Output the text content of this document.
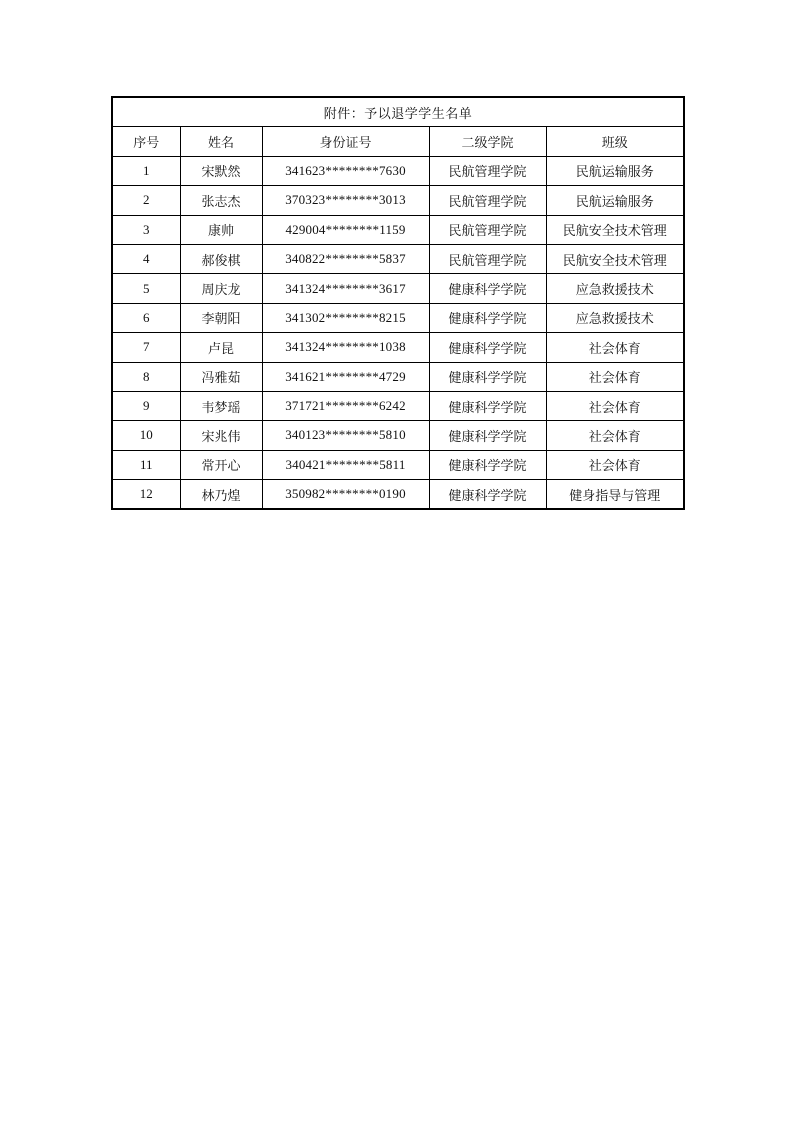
附件：予以退学学生名单				
序号	姓名	身份证号	二级学院	班级
1	宋默然	341623********7630	民航管理学院	民航运输服务
2	张志杰	370323********3013	民航管理学院	民航运输服务
3	康帅	429004********1159	民航管理学院	民航安全技术管理
4	郝俊棋	340822********5837	民航管理学院	民航安全技术管理
5	周庆龙	341324********3617	健康科学学院	应急救援技术
6	李朝阳	341302********8215	健康科学学院	应急救援技术
7	卢昆	341324********1038	健康科学学院	社会体育
8	冯雅茹	341621********4729	健康科学学院	社会体育
9	韦梦瑶	371721********6242	健康科学学院	社会体育
10	宋兆伟	340123********5810	健康科学学院	社会体育
11	常开心	340421********5811	健康科学学院	社会体育
12	林乃煌	350982********0190	健康科学学院	健身指导与管理
